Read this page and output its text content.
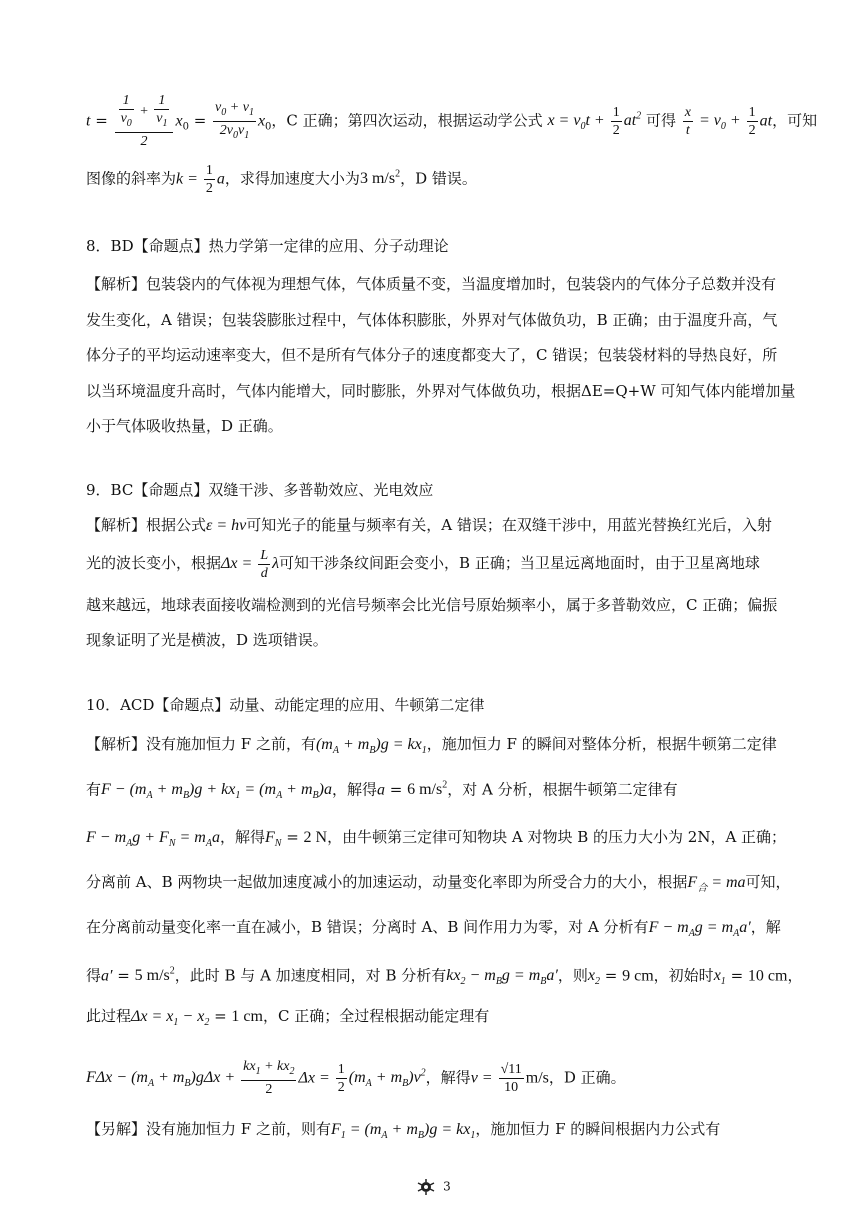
$t = \frac{\frac{1}{v_0} + \frac{1}{v_1}}{2} x_0 = \frac{v_0 + v_1}{2v_0v_1} x_0$，C 正确；第四次运动，根据运动学公式 $x = v_0t + \frac{1}{2} at^2$ 可得 $\frac{x}{t} = v_0 + \frac{1}{2}$ at，可知
图像的斜率为$k = \frac{1}{2}$ a，求得加速度大小为3 $m/s^2$，D 错误。
8．BD【命题点】热力学第一定律的应用、分子动理论
【解析】包装袋内的气体视为理想气体，气体质量不变，当温度增加时，包装袋内的气体分子总数并没有
发生变化，A 错误；包装袋膨胀过程中，气体体积膨胀，外界对气体做负功，B 正确；由于温度升高，气
体分子的平均运动速率变大，但不是所有气体分子的速度都变大了，C 错误；包装袋材料的导热良好，所
以当环境温度升高时，气体内能增大，同时膨胀，外界对气体做负功，根据ΔE=Q+W 可知气体内能增加量
小于气体吸收热量，D 正确。
9．BC【命题点】双缝干涉、多普勒效应、光电效应
【解析】根据公式ε = hν可知光子的能量与频率有关，A 错误；在双缝干涉中，用蓝光替换红光后，入射
光的波长变小，根据$\Delta x = \frac{L}{d}$ λ可知干涉条纹间距会变小，B 正确；当卫星远离地面时，由于卫星离地球
越来越远，地球表面接收端检测到的光信号频率会比光信号原始频率小，属于多普勒效应，C 正确；偏振
现象证明了光是横波，D 选项错误。
10．ACD【命题点】动量、动能定理的应用、牛顿第二定律
【解析】没有施加恒力 F 之前，有$(m_A + m_B)g = kx_1$，施加恒力 F 的瞬间对整体分析，根据牛顿第二定律
有$F - (m_A + m_B)g + kx_1 = (m_A + m_B)a$，解得a = 6 $m/s^2$，对 A 分析，根据牛顿第二定律有
$F - m_Ag + F_N = m_Aa$，解得$F_N = 2$ N，由牛顿第三定律可知物块 A 对物块 B 的压力大小为 2N，A 正确；
分离前 A、B 两物块一起做加速度减小的加速运动，动量变化率即为所受合力的大小，根据$F_合$ = ma可知，
在分离前动量变化率一直在减小，B 错误；分离时 A、B 间作用力为零，对 A 分析有$F - m_Ag = m_Aa'$，解
得a′ = 5 $m/s^2$，此时 B 与 A 加速度相同，对 B 分析有$kx_2 - m_Bg = m_Ba'$，则$x_2 = 9$ cm，初始时$x_1 = 10$ cm，
此过程$\Delta x = x_1 - x_2 = 1$ cm，C 正确；全过程根据动能定理有
$F\Delta x - (m_A + m_B)g\Delta x + \frac{kx_1 + kx_2}{2}$ $\Delta x = \frac{1}{2} (m_A + m_B)v^2$，解得$v = \frac{√11}{10} m/s$，D 正确。
【另解】没有施加恒力 F 之前，则有$F_1 = (m_A + m_B)g = kx_1$，施加恒力 F 的瞬间根据内力公式有
3
